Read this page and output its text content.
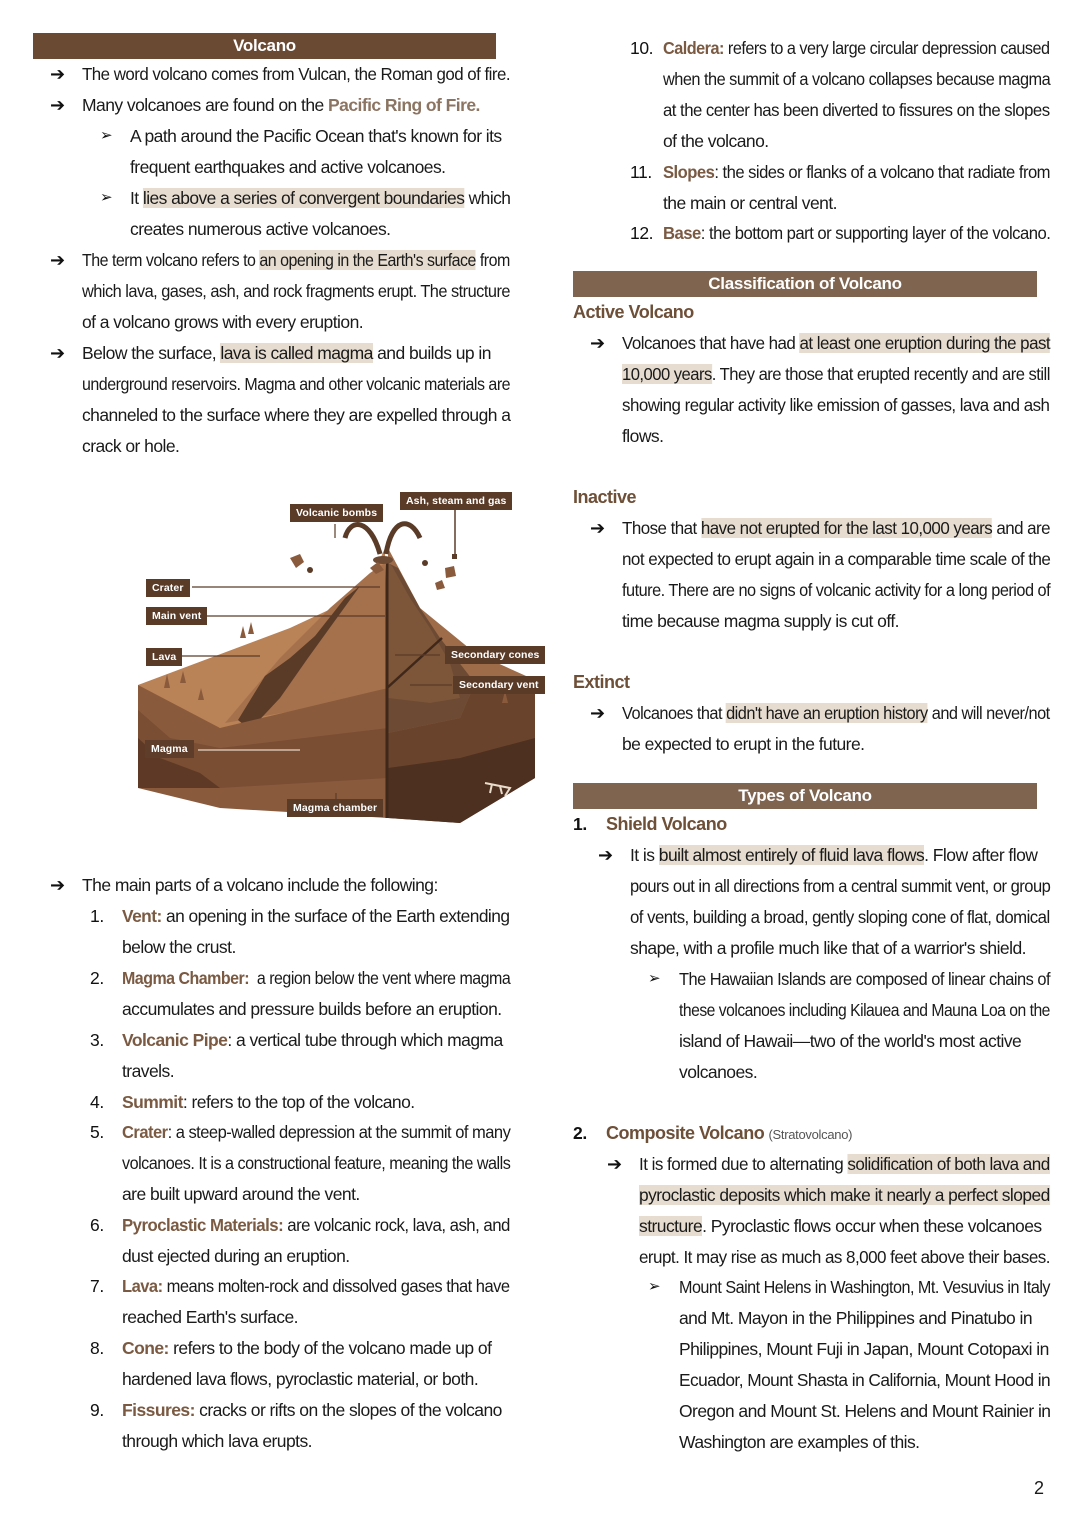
Volcano
➔ The word volcano comes from Vulcan, the Roman god of fire.
➔ Many volcanoes are found on the Pacific Ring of Fire.
➢ A path around the Pacific Ocean that's known for its
frequent earthquakes and active volcanoes.
➢ It lies above a series of convergent boundaries which
creates numerous active volcanoes.
➔ The term volcano refers to an opening in the Earth's surface from
which lava, gases, ash, and rock fragments erupt. The structure
of a volcano grows with every eruption.
➔ Below the surface, lava is called magma and builds up in
underground reservoirs. Magma and other volcanic materials are
channeled to the surface where they are expelled through a
crack or hole.
Volcanic bombs
Ash, steam and gas
Crater
Main vent
Lava	Secondary cones
Secondary vent
Magma
Magma chamber
➔ The main parts of a volcano include the following:
1. Vent: an opening in the surface of the Earth extending
below the crust.
2. Magma Chamber:  a region below the vent where magma
accumulates and pressure builds before an eruption.
3. Volcanic Pipe: a vertical tube through which magma
travels.
4. Summit: refers to the top of the volcano.
5. Crater: a steep-walled depression at the summit of many
volcanoes. It is a constructional feature, meaning the walls
are built upward around the vent.
6. Pyroclastic Materials: are volcanic rock, lava, ash, and
dust ejected during an eruption.
7. Lava: means molten-rock and dissolved gases that have
reached Earth's surface.
8. Cone: refers to the body of the volcano made up of
hardened lava flows, pyroclastic material, or both.
9. Fissures: cracks or rifts on the slopes of the volcano
through which lava erupts.
10. Caldera: refers to a very large circular depression caused
when the summit of a volcano collapses because magma
at the center has been diverted to fissures on the slopes
of the volcano.
11. Slopes: the sides or flanks of a volcano that radiate from
the main or central vent.
12. Base: the bottom part or supporting layer of the volcano.
Classification of Volcano
Active Volcano
➔ Volcanoes that have had at least one eruption during the past
10,000 years. They are those that erupted recently and are still
showing regular activity like emission of gasses, lava and ash
flows.
Inactive
➔ Those that have not erupted for the last 10,000 years and are
not expected to erupt again in a comparable time scale of the
future. There are no signs of volcanic activity for a long period of
time because magma supply is cut off.
Extinct
➔ Volcanoes that didn't have an eruption history and will never/not
be expected to erupt in the future.
Types of Volcano
1. Shield Volcano
➔ It is built almost entirely of fluid lava flows. Flow after flow
pours out in all directions from a central summit vent, or group
of vents, building a broad, gently sloping cone of flat, domical
shape, with a profile much like that of a warrior's shield.
➢ The Hawaiian Islands are composed of linear chains of
these volcanoes including Kilauea and Mauna Loa on the
island of Hawaii—two of the world's most active
volcanoes.
2. Composite Volcano (Stratovolcano)
➔ It is formed due to alternating solidification of both lava and
pyroclastic deposits which make it nearly a perfect sloped
structure. Pyroclastic flows occur when these volcanoes
erupt. It may rise as much as 8,000 feet above their bases.
➢ Mount Saint Helens in Washington, Mt. Vesuvius in Italy
and Mt. Mayon in the Philippines and Pinatubo in
Philippines, Mount Fuji in Japan, Mount Cotopaxi in
Ecuador, Mount Shasta in California, Mount Hood in
Oregon and Mount St. Helens and Mount Rainier in
Washington are examples of this.
2
